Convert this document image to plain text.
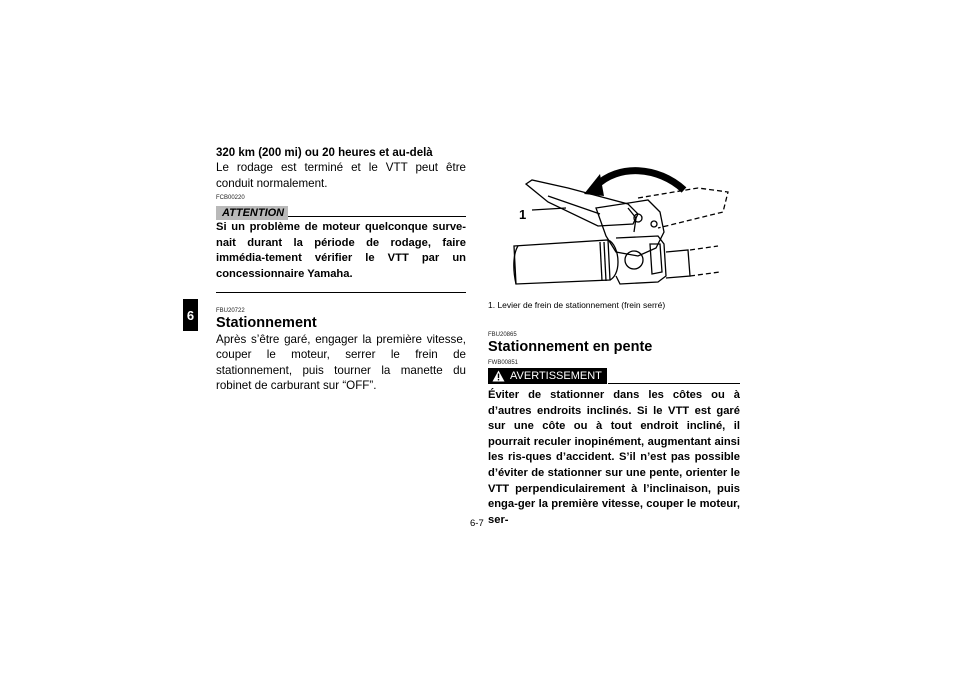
6
320 km (200 mi) ou 20 heures et au-delà
Le rodage est terminé et le VTT peut être conduit normalement.
FCB00220
ATTENTION
Si un problème de moteur quelconque surve-nait durant la période de rodage, faire immédia-tement vérifier le VTT par un concessionnaire Yamaha.
FBU20722
Stationnement
Après s’être garé, engager la première vitesse, couper le moteur, serrer le frein de stationnement, puis tourner la manette du robinet de carburant sur “OFF”.
1
1. Levier de frein de stationnement (frein serré)
FBU20865
Stationnement en pente
FWB00851
AVERTISSEMENT
Éviter de stationner dans les côtes ou à d’autres endroits inclinés. Si le VTT est garé sur une côte ou à tout endroit incliné, il pourrait reculer inopinément, augmentant ainsi les ris-ques d’accident. S’il n’est pas possible d’éviter de stationner sur une pente, orienter le VTT perpendiculairement à l’inclinaison, puis enga-ger la première vitesse, couper le moteur, ser-
6-7
